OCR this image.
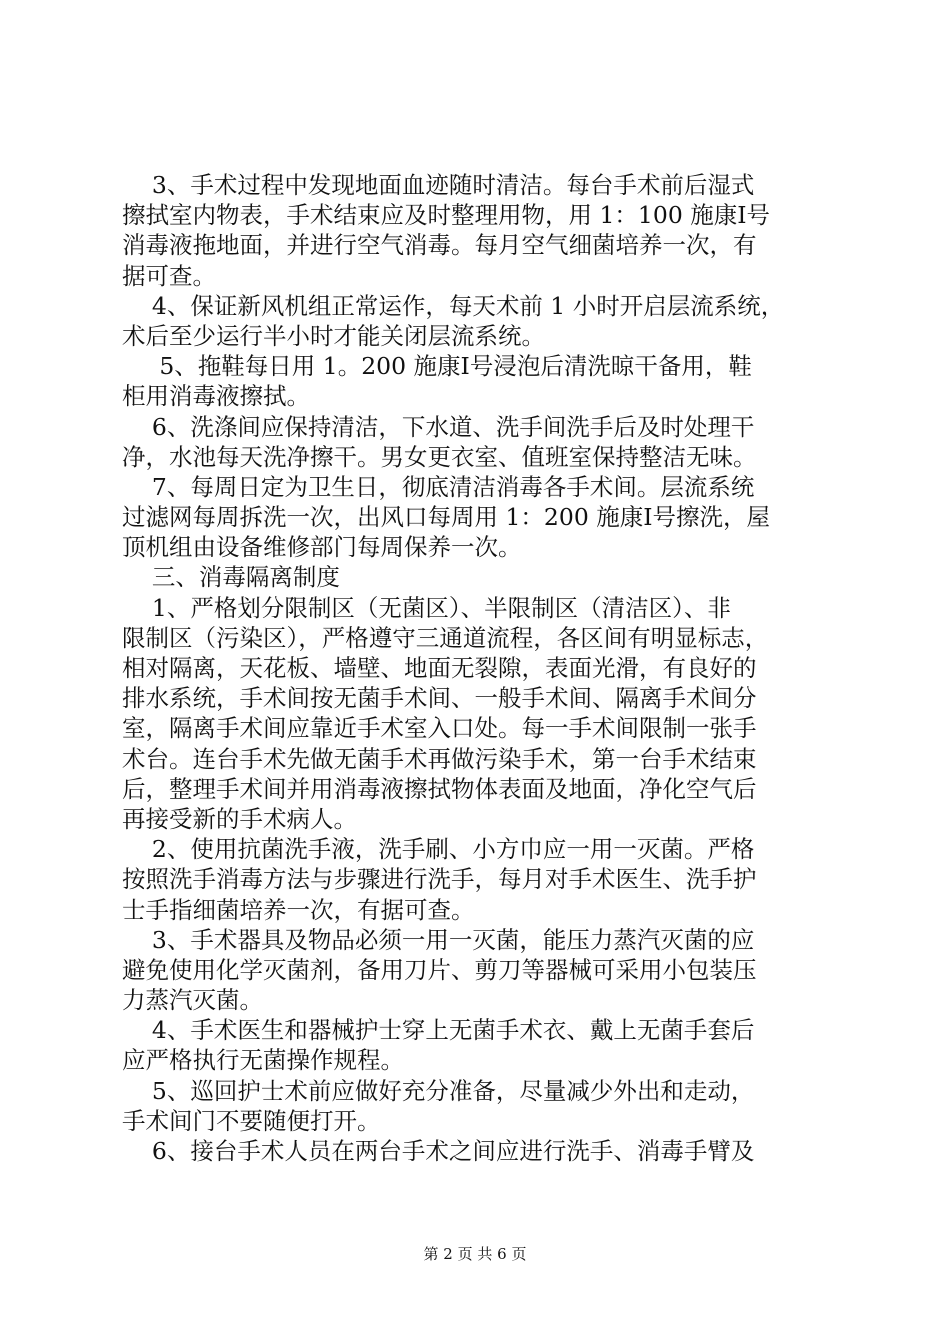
3、手术过程中发现地面血迹随时清洁。每台手术前后湿式
擦拭室内物表，手术结束应及时整理用物，用 1：100 施康Ⅰ号
消毒液拖地面，并进行空气消毒。每月空气细菌培养一次，有
据可查。
4、保证新风机组正常运作，每天术前 1 小时开启层流系统，
术后至少运行半小时才能关闭层流系统。
5、拖鞋每日用 1。200 施康Ⅰ号浸泡后清洗晾干备用，鞋
柜用消毒液擦拭。
6、洗涤间应保持清洁，下水道、洗手间洗手后及时处理干
净，水池每天洗净擦干。男女更衣室、值班室保持整洁无味。
7、每周日定为卫生日，彻底清洁消毒各手术间。层流系统
过滤网每周拆洗一次，出风口每周用 1：200 施康Ⅰ号擦洗，屋
顶机组由设备维修部门每周保养一次。
三、消毒隔离制度
1、严格划分限制区（无菌区）、半限制区（清洁区）、非
限制区（污染区），严格遵守三通道流程，各区间有明显标志，
相对隔离，天花板、墙壁、地面无裂隙，表面光滑，有良好的
排水系统，手术间按无菌手术间、一般手术间、隔离手术间分
室，隔离手术间应靠近手术室入口处。每一手术间限制一张手
术台。连台手术先做无菌手术再做污染手术，第一台手术结束
后，整理手术间并用消毒液擦拭物体表面及地面，净化空气后
再接受新的手术病人。
2、使用抗菌洗手液，洗手刷、小方巾应一用一灭菌。严格
按照洗手消毒方法与步骤进行洗手，每月对手术医生、洗手护
士手指细菌培养一次，有据可查。
3、手术器具及物品必须一用一灭菌，能压力蒸汽灭菌的应
避免使用化学灭菌剂，备用刀片、剪刀等器械可采用小包装压
力蒸汽灭菌。
4、手术医生和器械护士穿上无菌手术衣、戴上无菌手套后
应严格执行无菌操作规程。
5、巡回护士术前应做好充分准备，尽量减少外出和走动，
手术间门不要随便打开。
6、接台手术人员在两台手术之间应进行洗手、消毒手臂及
第 2 页 共 6 页
